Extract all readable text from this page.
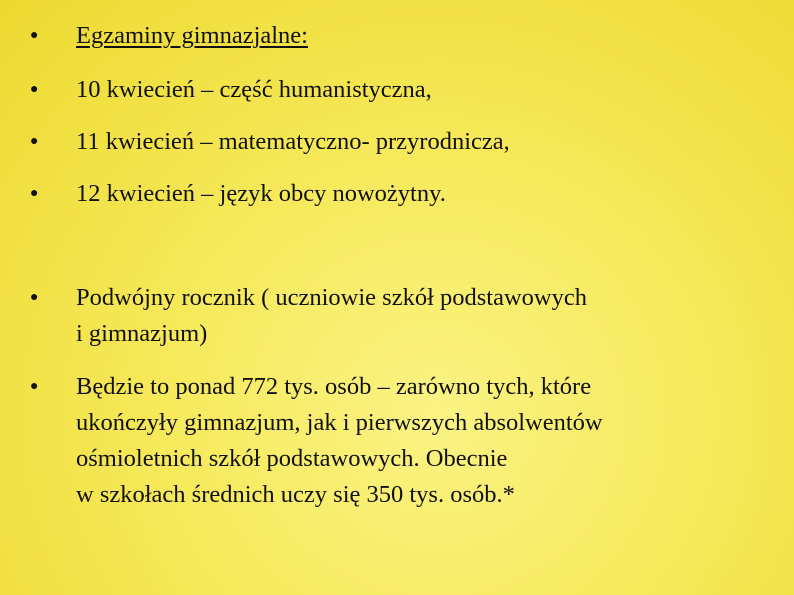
● Egzaminy gimnazjalne:
● 10 kwiecień – część humanistyczna,
● 11 kwiecień – matematyczno- przyrodnicza,
● 12 kwiecień – język obcy nowożytny.
● Podwójny rocznik ( uczniowie szkół podstawowych
i gimnazjum)
● Będzie to ponad 772 tys. osób – zarówno tych, które
ukończyły gimnazjum, jak i pierwszych absolwentów
ośmioletnich szkół podstawowych. Obecnie
w szkołach średnich uczy się 350 tys. osób.*
